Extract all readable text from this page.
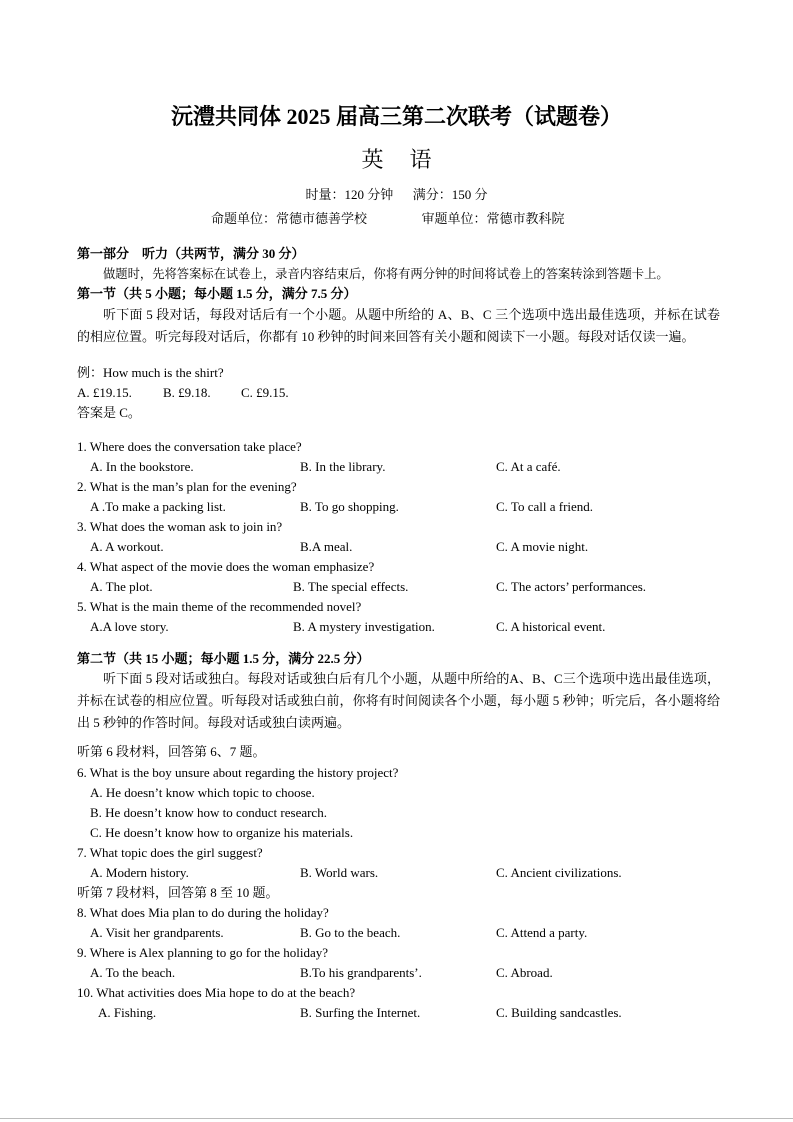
沅澧共同体 2025 届高三第二次联考（试题卷）
英语
时量：120 分钟      满分：150 分
命题单位：常德市德善学校	审题单位：常德市教科院
第一部分    听力（共两节，满分 30 分）
做题时，先将答案标在试卷上，录音内容结束后，你将有两分钟的时间将试卷上的答案转涂到答题卡上。
第一节（共 5 小题；每小题 1.5 分，满分 7.5 分）
听下面 5 段对话，每段对话后有一个小题。从题中所给的 A、B、C 三个选项中选出最佳选项，并标在试卷的相应位置。听完每段对话后，你都有 10 秒钟的时间来回答有关小题和阅读下一小题。每段对话仅读一遍。
例：How much is the shirt?
A. £19.15. B. £9.18. C. £9.15.
答案是 C。
1. Where does the conversation take place?
A. In the bookstore.	B. In the library.	C. At a café.
2. What is the man’s plan for the evening?
A .To make a packing list.	B. To go shopping.	C. To call a friend.
3. What does the woman ask to join in?
A. A workout.	B.A meal.	C. A movie night.
4. What aspect of the movie does the woman emphasize?
A. The plot.	B. The special effects.	C. The actors’ performances.
5. What is the main theme of the recommended novel?
A.A love story.	B. A mystery investigation.	C. A historical event.
第二节（共 15 小题；每小题 1.5 分，满分 22.5 分）
听下面 5 段对话或独白。每段对话或独白后有几个小题，从题中所给的A、B、C三个选项中选出最佳选项，并标在试卷的相应位置。听每段对话或独白前，你将有时间阅读各个小题，每小题 5 秒钟；听完后，各小题将给出 5 秒钟的作答时间。每段对话或独白读两遍。
听第 6 段材料，回答第 6、7 题。
6. What is the boy unsure about regarding the history project?
A. He doesn’t know which topic to choose.
B. He doesn’t know how to conduct research.
C. He doesn’t know how to organize his materials.
7. What topic does the girl suggest?
A. Modern history.	B. World wars.	C. Ancient civilizations.
听第 7 段材料，回答第 8 至 10 题。
8. What does Mia plan to do during the holiday?
A. Visit her grandparents.	B. Go to the beach.	C. Attend a party.
9. Where is Alex planning to go for the holiday?
A. To the beach.	B.To his grandparents’.	C. Abroad.
10. What activities does Mia hope to do at the beach?
A. Fishing.	B. Surfing the Internet.	C. Building sandcastles.
